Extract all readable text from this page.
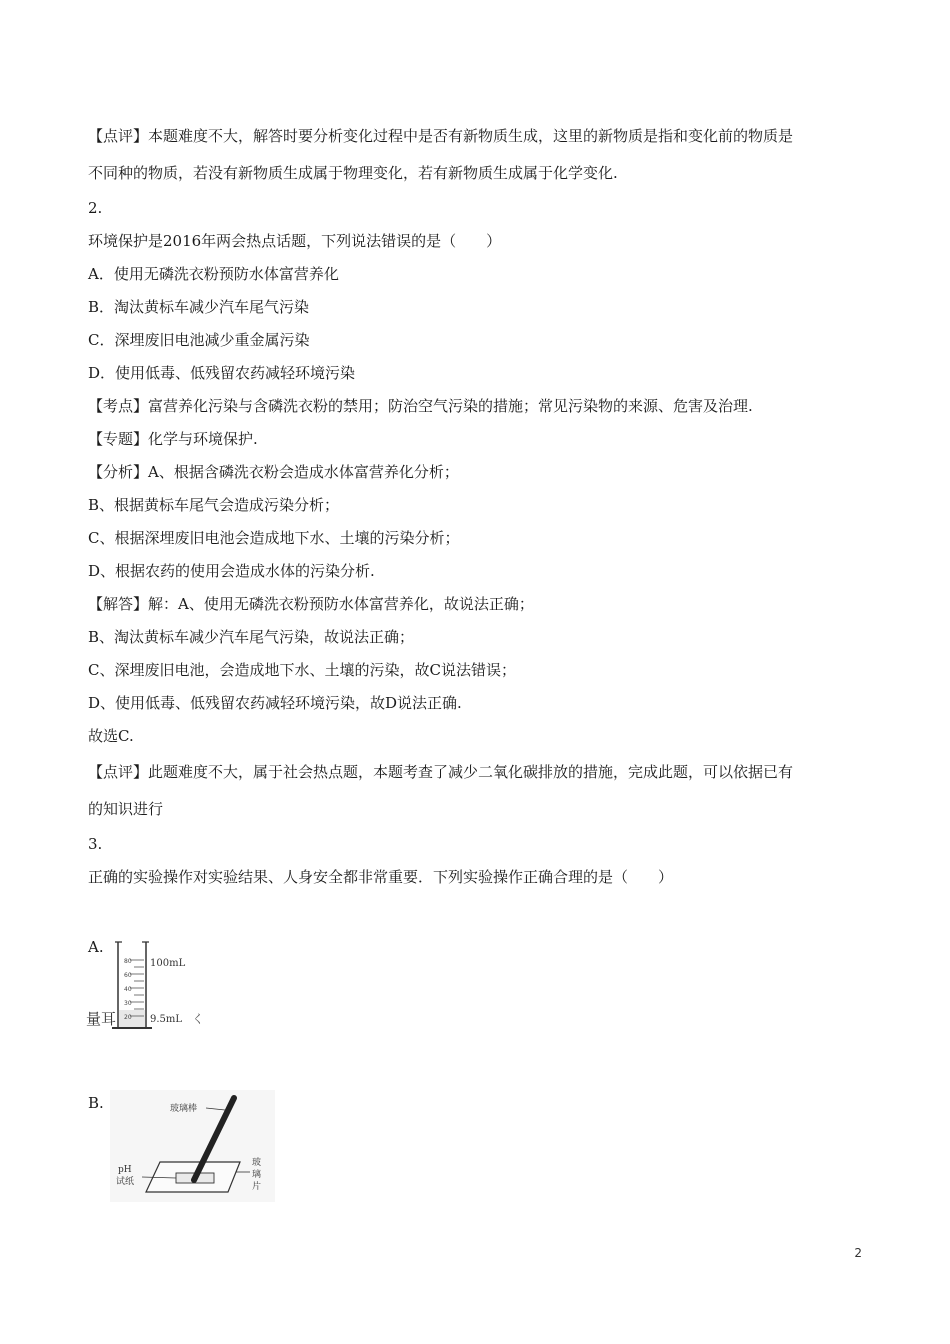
【点评】本题难度不大，解答时要分析变化过程中是否有新物质生成，这里的新物质是指和变化前的物质是
不同种的物质，若没有新物质生成属于物理变化，若有新物质生成属于化学变化.
2.
环境保护是2016年两会热点话题，下列说法错误的是（　　）
A．使用无磷洗衣粉预防水体富营养化
B．淘汰黄标车减少汽车尾气污染
C．深埋废旧电池减少重金属污染
D．使用低毒、低残留农药减轻环境污染
【考点】富营养化污染与含磷洗衣粉的禁用；防治空气污染的措施；常见污染物的来源、危害及治理.
【专题】化学与环境保护.
【分析】A、根据含磷洗衣粉会造成水体富营养化分析；
B、根据黄标车尾气会造成污染分析；
C、根据深埋废旧电池会造成地下水、土壤的污染分析；
D、根据农药的使用会造成水体的污染分析.
【解答】解：A、使用无磷洗衣粉预防水体富营养化，故说法正确；
B、淘汰黄标车减少汽车尾气污染，故说法正确；
C、深埋废旧电池，会造成地下水、土壤的污染，故C说法错误；
D、使用低毒、低残留农药减轻环境污染，故D说法正确.
故选C.
【点评】此题难度不大，属于社会热点题，本题考查了减少二氧化碳排放的措施，完成此题，可以依据已有
的知识进行
3.
正确的实验操作对实验结果、人身安全都非常重要．下列实验操作正确合理的是（　　）
A.
80
60
40
30
20
100mL
9.5mL く
量耳
B.	玻璃棒
pH
试纸
玻
璃
片
2
